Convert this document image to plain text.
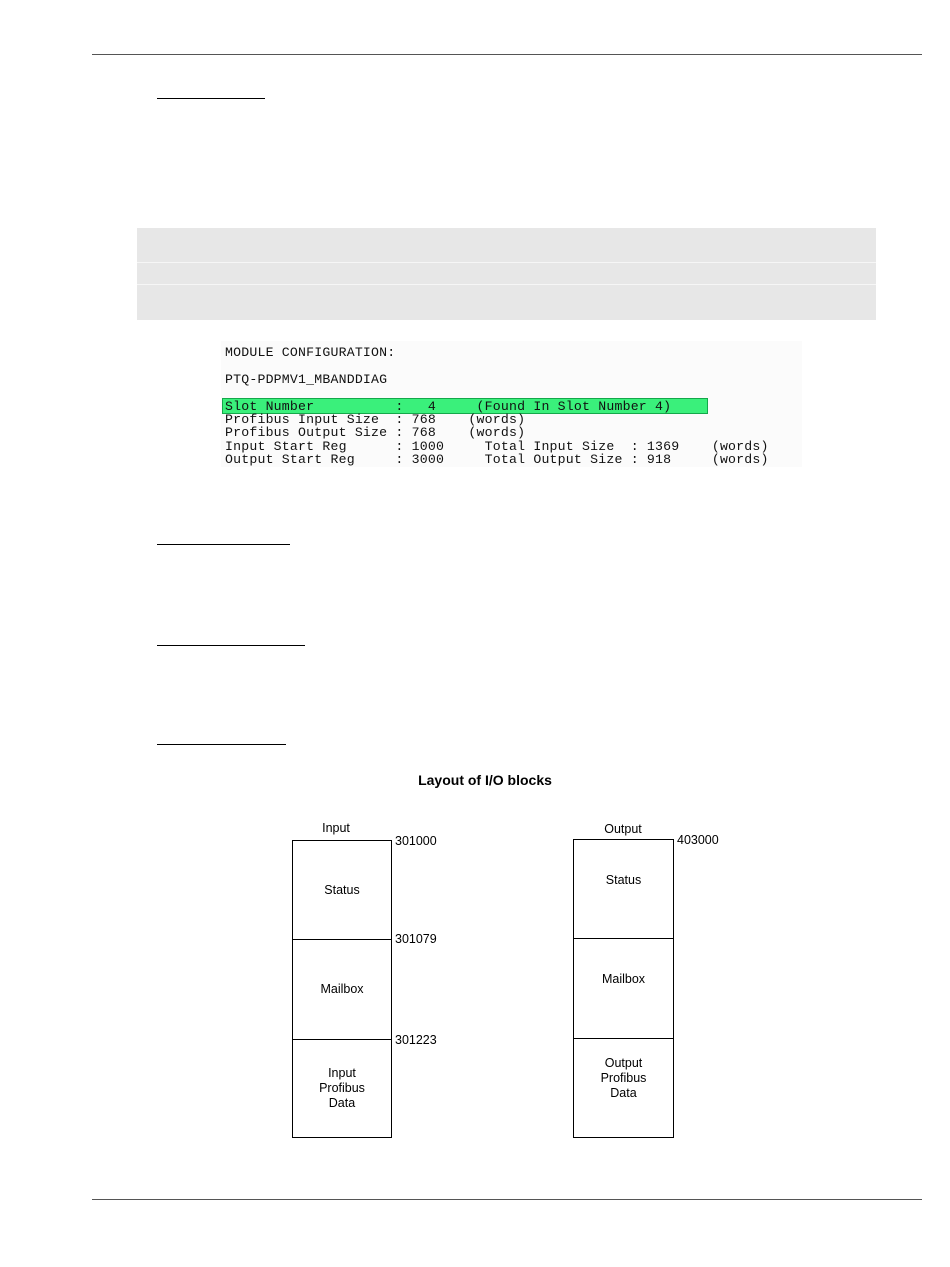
MODULE CONFIGURATION:
PTQ-PDPMV1_MBANDDIAG
Slot Number          :   4     (Found In Slot Number 4)
Profibus Input Size  : 768    (words)
Profibus Output Size : 768    (words)
Input Start Reg      : 1000     Total Input Size  : 1369    (words)
Output Start Reg     : 3000     Total Output Size : 918     (words)
Layout of I/O blocks
Input
301000
301079
301223
Status
Mailbox
Input
Profibus
Data
Output
403000
Status
Mailbox
Output
Profibus
Data
